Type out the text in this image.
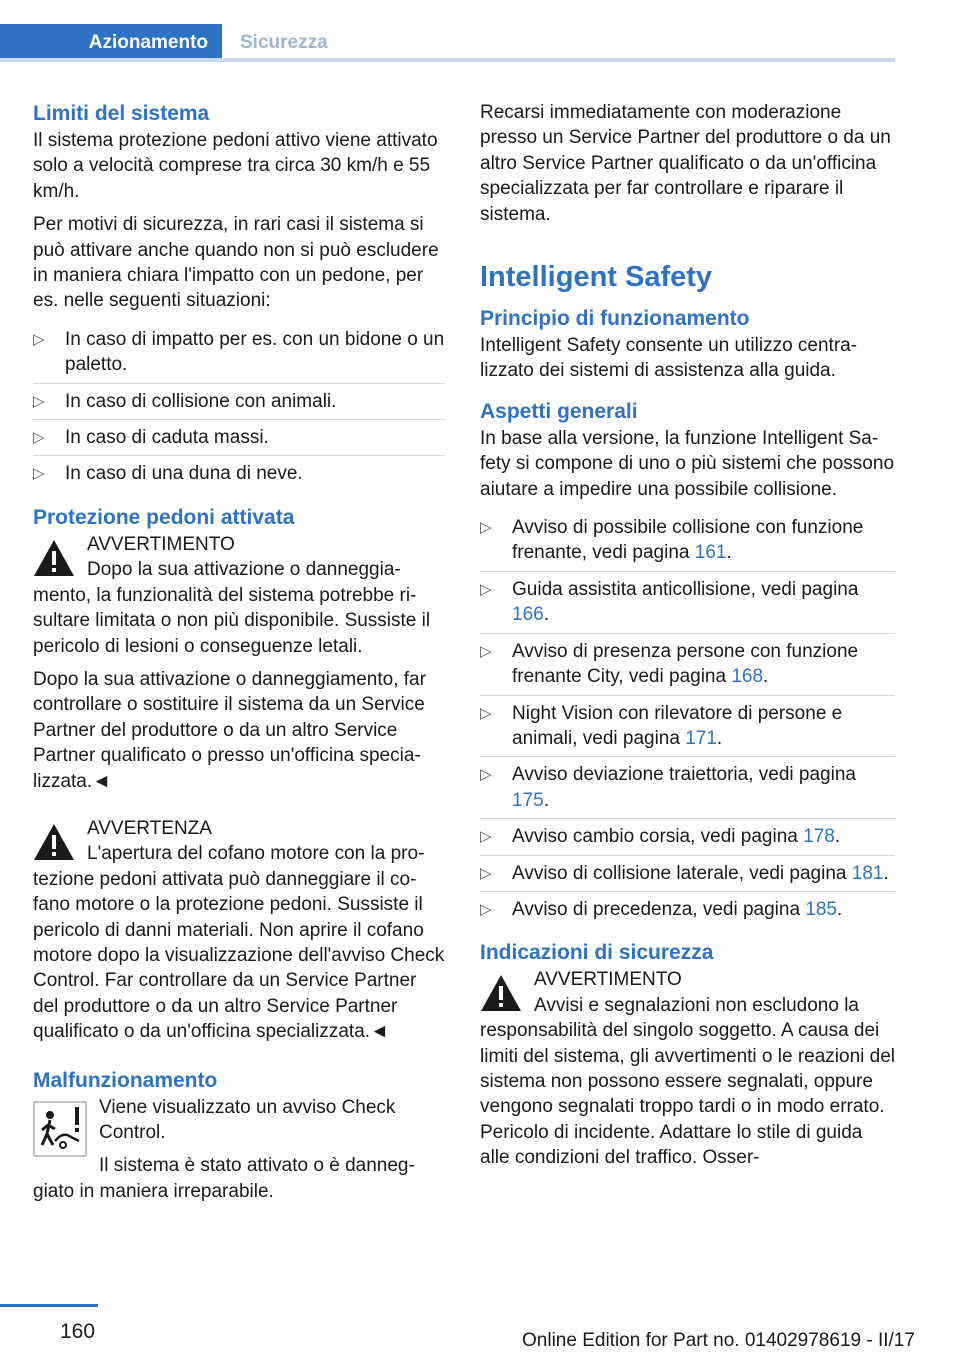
Azionamento	Sicurezza
Limiti del sistema

Il sistema protezione pedoni attivo viene attivato solo a velocità comprese tra circa 30 km/h e 55 km/h.

Per motivi di sicurezza, in rari casi il sistema si può attivare anche quando non si può escludere in maniera chiara l'impatto con un pedone, per es. nelle seguenti situazioni:

▷ In caso di impatto per es. con un bidone o un paletto.
▷ In caso di collisione con animali.
▷ In caso di caduta massi.
▷ In caso di una duna di neve.
Protezione pedoni attivata
AVVERTIMENTO

Dopo la sua attivazione o danneggiamento, la funzionalità del sistema potrebbe risultare limitata o non più disponibile. Sussiste il pericolo di lesioni o conseguenze letali.

Dopo la sua attivazione o danneggiamento, far controllare o sostituire il sistema da un Service Partner del produttore o da un altro Service Partner qualificato o presso un'officina specializzata.◄

AVVERTENZA

L'apertura del cofano motore con la protezione pedoni attivata può danneggiare il cofano motore o la protezione pedoni. Sussiste il pericolo di danni materiali. Non aprire il cofano motore dopo la visualizzazione dell'avviso Check Control. Far controllare da un Service Partner del produttore o da un altro Service Partner qualificato o da un'officina specializzata.◄

Malfunzionamento

Viene visualizzato un avviso Check Control.

Il sistema è stato attivato o è danneggiato in maniera irreparabile.

Recarsi immediatamente con moderazione presso un Service Partner del produttore o da un altro Service Partner qualificato o da un'officina specializzata per far controllare e riparare il sistema.

Intelligent Safety
Principio di funzionamento

Intelligent Safety consente un utilizzo centralizzato dei sistemi di assistenza alla guida.

Aspetti generali

In base alla versione, la funzione Intelligent Safety si compone di uno o più sistemi che possono aiutare a impedire una possibile collisione.

▷ Avviso di possibile collisione con funzione frenante, vedi pagina 161.
▷ Guida assistita anticollisione, vedi pagina 166.
▷ Avviso di presenza persone con funzione frenante City, vedi pagina 168.
▷ Night Vision con rilevatore di persone e animali, vedi pagina 171.
▷ Avviso deviazione traiettoria, vedi pagina 175.
▷ Avviso cambio corsia, vedi pagina 178.
▷ Avviso di collisione laterale, vedi pagina 181.
▷ Avviso di precedenza, vedi pagina 185.
Indicazioni di sicurezza
AVVERTIMENTO

Avvisi e segnalazioni non escludono la responsabilità del singolo soggetto. A causa dei limiti del sistema, gli avvertimenti o le reazioni del sistema non possono essere segnalati, oppure vengono segnalati troppo tardi o in modo errato. Pericolo di incidente. Adattare lo stile di guida alle condizioni del traffico. Osser-

160	Online Edition for Part no. 01402978619 - II/17
